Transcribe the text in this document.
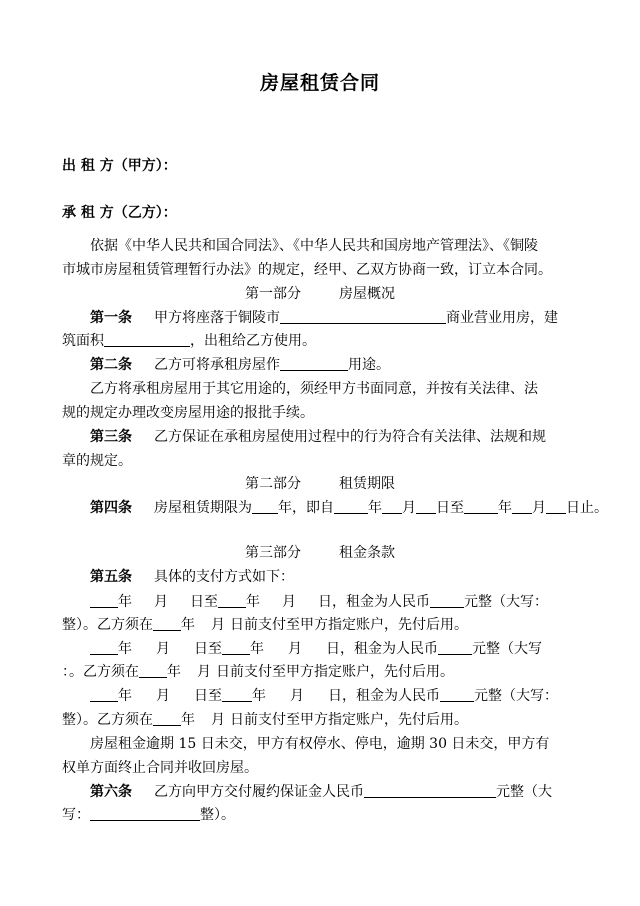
房屋租赁合同
出 租 方（甲方）：
承 租 方（乙方）：
依据《中华人民共和国合同法》、《中华人民共和国房地产管理法》、《铜陵
市城市房屋租赁管理暂行办法》的规定，经甲、乙双方协商一致，订立本合同。
第一部分	房屋概况
第一条 甲方将座落于铜陵市	商业营业用房，建
筑面积	，出租给乙方使用。
第二条 乙方可将承租房屋作	用途。
乙方将承租房屋用于其它用途的，须经甲方书面同意，并按有关法律、法
规的规定办理改变房屋用途的报批手续。
第三条 乙方保证在承租房屋使用过程中的行为符合有关法律、法规和规
章的规定。
第二部分	租赁期限
第四条 房屋租赁期限为 年，即自 年 月 日至 年 月 日止。
第三部分	租金条款
第五条 具体的支付方式如下：
年 月 日至 年 月 日，租金为人民币 元整（大写：
整）。乙方须在 年 月 日前支付至甲方指定账户，先付后用。
年 月 日至 年 月 日，租金为人民币 元整（大写
：。乙方须在 年 月 日前支付至甲方指定账户，先付后用。
年 月 日至 年 月 日，租金为人民币 元整（大写：
整）。乙方须在 年 月 日前支付至甲方指定账户，先付后用。
房屋租金逾期 15 日未交，甲方有权停水、停电，逾期 30 日未交，甲方有
权单方面终止合同并收回房屋。
第六条 乙方向甲方交付履约保证金人民币	元整（大
写：	整）。
